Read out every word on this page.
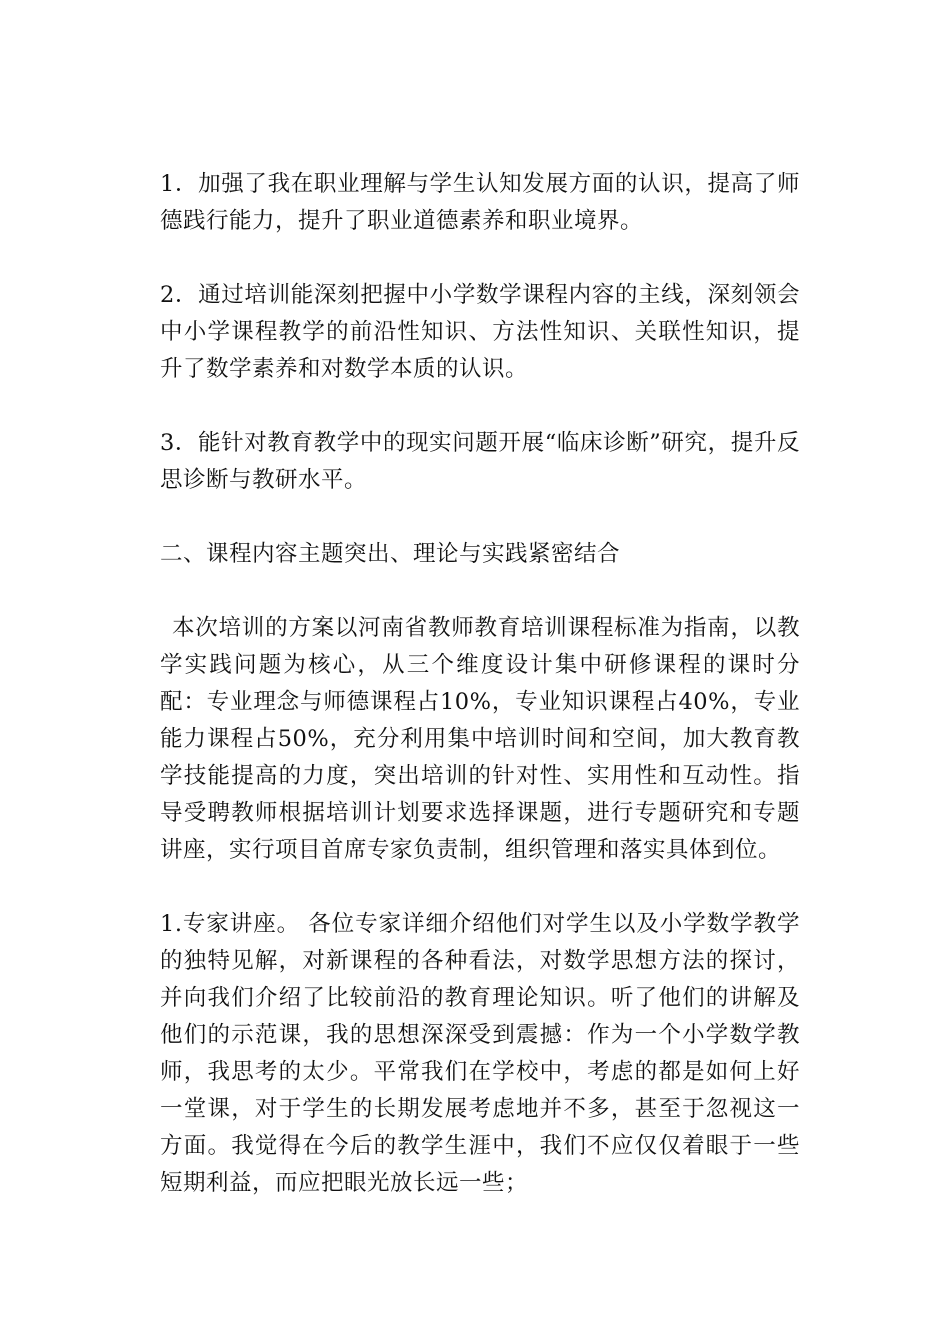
1．加强了我在职业理解与学生认知发展方面的认识，提高了师德践行能力，提升了职业道德素养和职业境界。

2．通过培训能深刻把握中小学数学课程内容的主线，深刻领会中小学课程教学的前沿性知识、方法性知识、关联性知识，提升了数学素养和对数学本质的认识。

3．能针对教育教学中的现实问题开展“临床诊断”研究，提升反思诊断与教研水平。

二、课程内容主题突出、理论与实践紧密结合

本次培训的方案以河南省教师教育培训课程标准为指南，以教学实践问题为核心，从三个维度设计集中研修课程的课时分配：专业理念与师德课程占10%，专业知识课程占40%，专业能力课程占50%，充分利用集中培训时间和空间，加大教育教学技能提高的力度，突出培训的针对性、实用性和互动性。指导受聘教师根据培训计划要求选择课题，进行专题研究和专题讲座，实行项目首席专家负责制，组织管理和落实具体到位。

1.专家讲座。 各位专家详细介绍他们对学生以及小学数学教学的独特见解，对新课程的各种看法，对数学思想方法的探讨，并向我们介绍了比较前沿的教育理论知识。听了他们的讲解及他们的示范课，我的思想深深受到震撼：作为一个小学数学教师，我思考的太少。平常我们在学校中，考虑的都是如何上好一堂课，对于学生的长期发展考虑地并不多，甚至于忽视这一方面。我觉得在今后的教学生涯中，我们不应仅仅着眼于一些短期利益，而应把眼光放长远一些；
